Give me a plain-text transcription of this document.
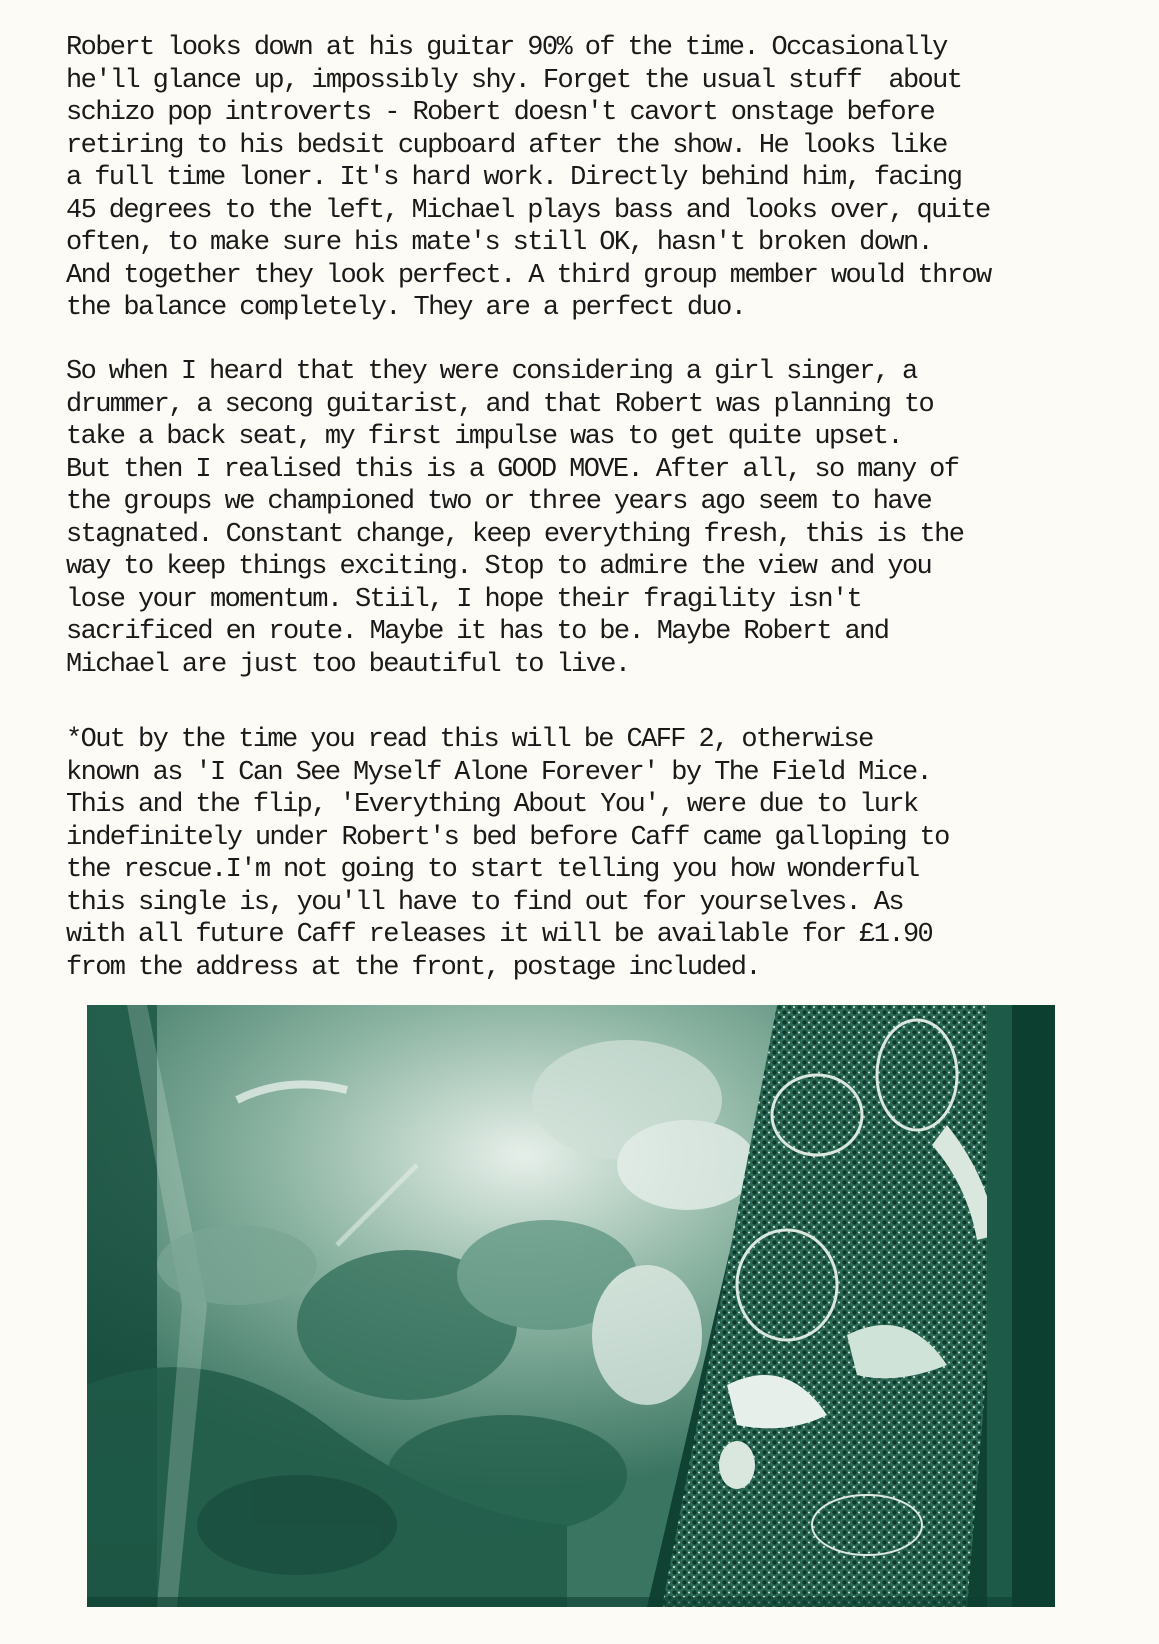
Robert looks down at his guitar 90% of the time. Occasionally
he'll glance up, impossibly shy. Forget the usual stuff  about
schizo pop introverts - Robert doesn't cavort onstage before
retiring to his bedsit cupboard after the show. He looks like
a full time loner. It's hard work. Directly behind him, facing
45 degrees to the left, Michael plays bass and looks over, quite
often, to make sure his mate's still OK, hasn't broken down.
And together they look perfect. A third group member would throw
the balance completely. They are a perfect duo.
So when I heard that they were considering a girl singer, a
drummer, a secong guitarist, and that Robert was planning to
take a back seat, my first impulse was to get quite upset.
But then I realised this is a GOOD MOVE. After all, so many of
the groups we championed two or three years ago seem to have
stagnated. Constant change, keep everything fresh, this is the
way to keep things exciting. Stop to admire the view and you
lose your momentum. Stiil, I hope their fragility isn't
sacrificed en route. Maybe it has to be. Maybe Robert and
Michael are just too beautiful to live.
*Out by the time you read this will be CAFF 2, otherwise
known as 'I Can See Myself Alone Forever' by The Field Mice.
This and the flip, 'Everything About You', were due to lurk
indefinitely under Robert's bed before Caff came galloping to
the rescue.I'm not going to start telling you how wonderful
this single is, you'll have to find out for yourselves. As
with all future Caff releases it will be available for £1.90
from the address at the front, postage included.
